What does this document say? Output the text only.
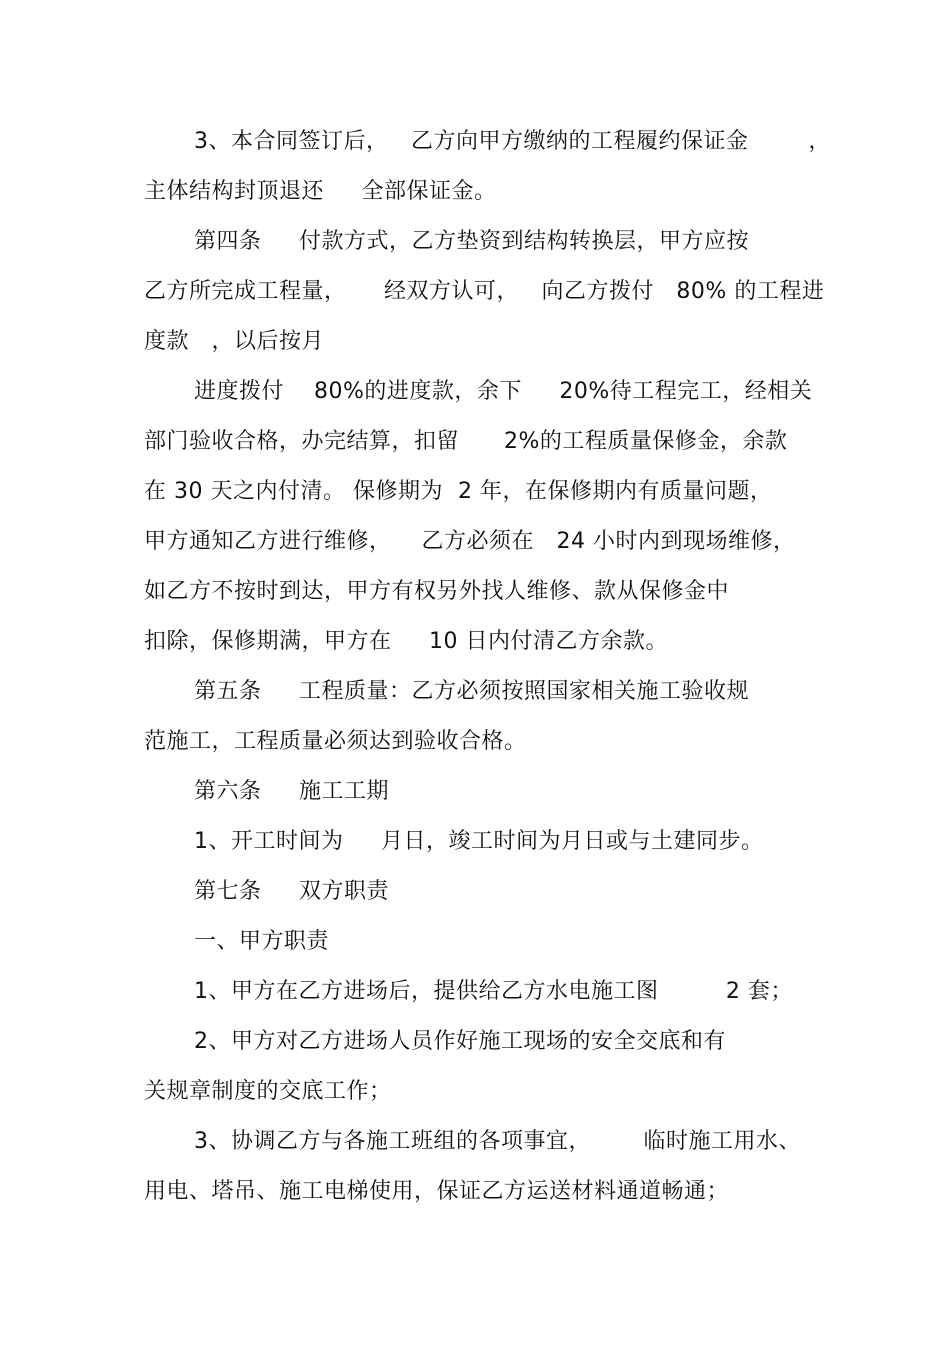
3、本合同签订后，   乙方向甲方缴纳的工程履约保证金        ，
主体结构封顶退还     全部保证金。
第四条     付款方式，乙方垫资到结构转换层，甲方应按
乙方所完成工程量，     经双方认可，   向乙方拨付   80% 的工程进
度款   ，以后按月
进度拨付    80%的进度款，余下     20%待工程完工，经相关
部门验收合格，办完结算，扣留      2%的工程质量保修金，余款
在 30 天之内付清。 保修期为  2 年，在保修期内有质量问题，
甲方通知乙方进行维修，    乙方必须在   24 小时内到现场维修，
如乙方不按时到达，甲方有权另外找人维修、款从保修金中
扣除，保修期满，甲方在     10 日内付清乙方余款。
第五条     工程质量：乙方必须按照国家相关施工验收规
范施工，工程质量必须达到验收合格。
第六条     施工工期
1、开工时间为     月日，竣工时间为月日或与土建同步。
第七条     双方职责
一、甲方职责
1、甲方在乙方进场后，提供给乙方水电施工图         2 套；
2、甲方对乙方进场人员作好施工现场的安全交底和有
关规章制度的交底工作；
3、协调乙方与各施工班组的各项事宜，       临时施工用水、
用电、塔吊、施工电梯使用，保证乙方运送材料通道畅通；
